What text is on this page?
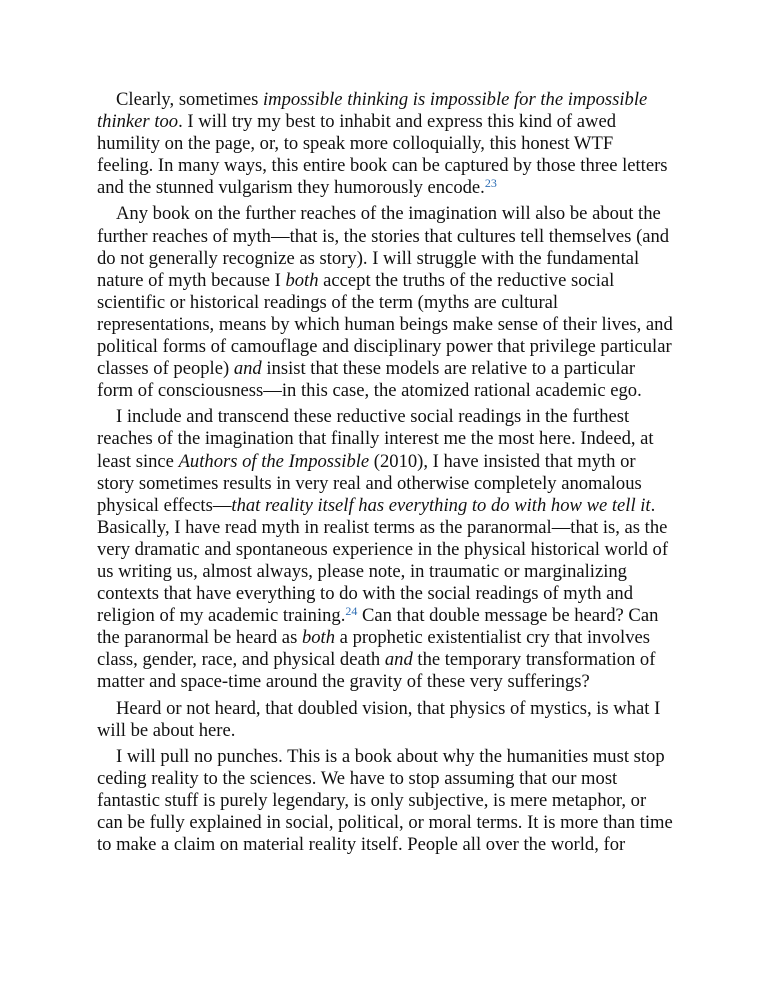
Clearly, sometimes impossible thinking is impossible for the impossible thinker too. I will try my best to inhabit and express this kind of awed humility on the page, or, to speak more colloquially, this honest WTF feeling. In many ways, this entire book can be captured by those three letters and the stunned vulgarism they humorously encode.$^{23}$

Any book on the further reaches of the imagination will also be about the further reaches of myth—that is, the stories that cultures tell themselves (and do not generally recognize as story). I will struggle with the fundamental nature of myth because I both accept the truths of the reductive social scientific or historical readings of the term (myths are cultural representations, means by which human beings make sense of their lives, and political forms of camouflage and disciplinary power that privilege particular classes of people) and insist that these models are relative to a particular form of consciousness—in this case, the atomized rational academic ego.

I include and transcend these reductive social readings in the furthest reaches of the imagination that finally interest me the most here. Indeed, at least since Authors of the Impossible (2010), I have insisted that myth or story sometimes results in very real and otherwise completely anomalous physical effects—that reality itself has everything to do with how we tell it. Basically, I have read myth in realist terms as the paranormal—that is, as the very dramatic and spontaneous experience in the physical historical world of us writing us, almost always, please note, in traumatic or marginalizing contexts that have everything to do with the social readings of myth and religion of my academic training.$^{24}$ Can that double message be heard? Can the paranormal be heard as both a prophetic existentialist cry that involves class, gender, race, and physical death and the temporary transformation of matter and space-time around the gravity of these very sufferings?

Heard or not heard, that doubled vision, that physics of mystics, is what I will be about here.

I will pull no punches. This is a book about why the humanities must stop ceding reality to the sciences. We have to stop assuming that our most fantastic stuff is purely legendary, is only subjective, is mere metaphor, or can be fully explained in social, political, or moral terms. It is more than time to make a claim on material reality itself. People all over the world, for
